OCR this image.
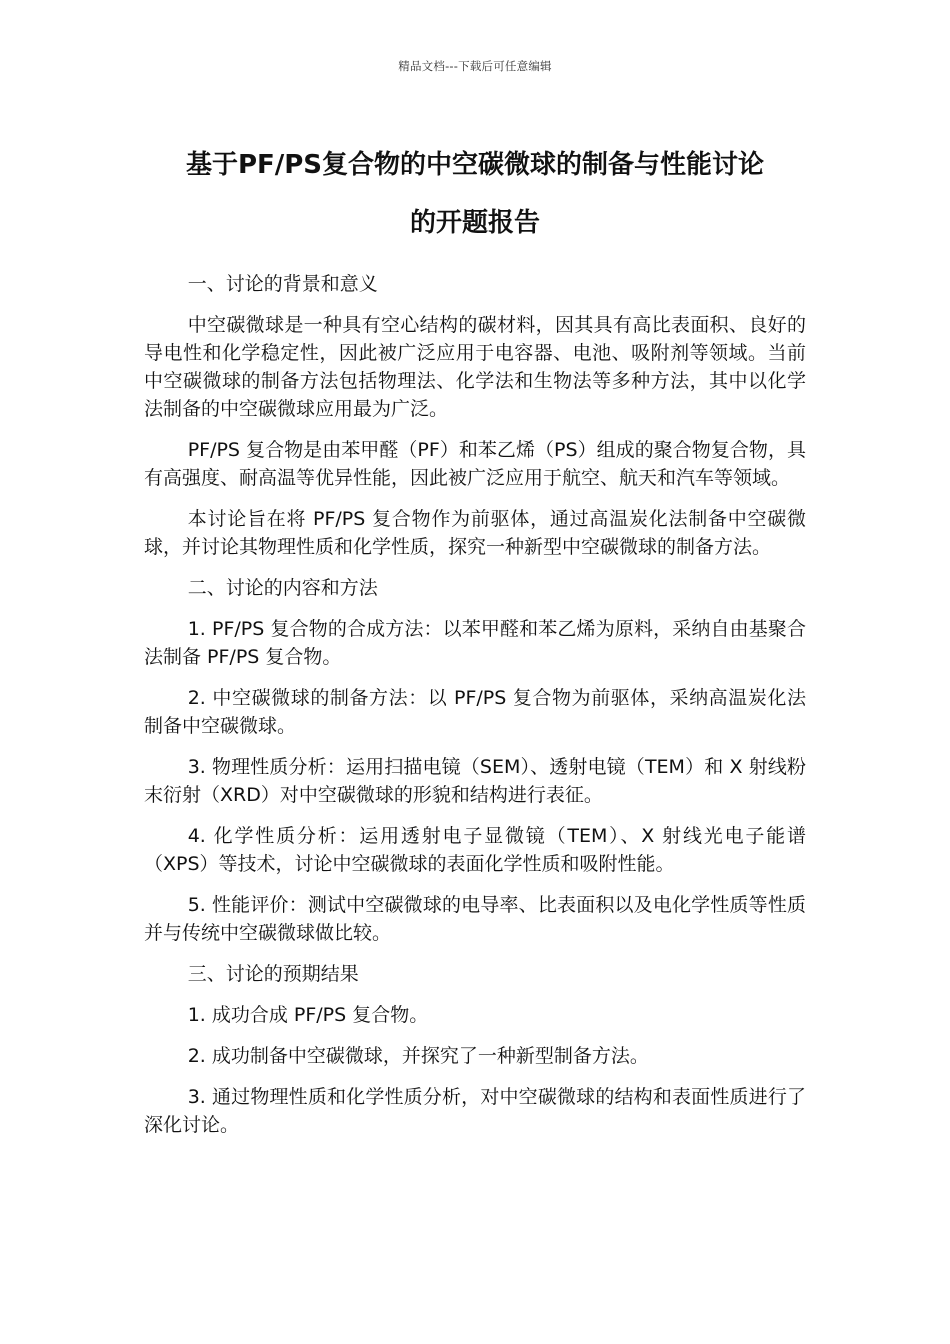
精品文档---下载后可任意编辑
基于PF/PS复合物的中空碳微球的制备与性能讨论
的开题报告

一、讨论的背景和意义

中空碳微球是一种具有空心结构的碳材料，因其具有高比表面积、良好的导电性和化学稳定性，因此被广泛应用于电容器、电池、吸附剂等领域。当前中空碳微球的制备方法包括物理法、化学法和生物法等多种方法，其中以化学法制备的中空碳微球应用最为广泛。

PF/PS 复合物是由苯甲醛（PF）和苯乙烯（PS）组成的聚合物复合物，具有高强度、耐高温等优异性能，因此被广泛应用于航空、航天和汽车等领域。

本讨论旨在将 PF/PS 复合物作为前驱体，通过高温炭化法制备中空碳微球，并讨论其物理性质和化学性质，探究一种新型中空碳微球的制备方法。

二、讨论的内容和方法

1. PF/PS 复合物的合成方法：以苯甲醛和苯乙烯为原料，采纳自由基聚合法制备 PF/PS 复合物。

2. 中空碳微球的制备方法：以 PF/PS 复合物为前驱体，采纳高温炭化法制备中空碳微球。

3. 物理性质分析：运用扫描电镜（SEM）、透射电镜（TEM）和 X 射线粉末衍射（XRD）对中空碳微球的形貌和结构进行表征。

4. 化学性质分析：运用透射电子显微镜（TEM）、X 射线光电子能谱（XPS）等技术，讨论中空碳微球的表面化学性质和吸附性能。

5. 性能评价：测试中空碳微球的电导率、比表面积以及电化学性质等性质并与传统中空碳微球做比较。

三、讨论的预期结果

1. 成功合成 PF/PS 复合物。

2. 成功制备中空碳微球，并探究了一种新型制备方法。

3. 通过物理性质和化学性质分析，对中空碳微球的结构和表面性质进行了深化讨论。
